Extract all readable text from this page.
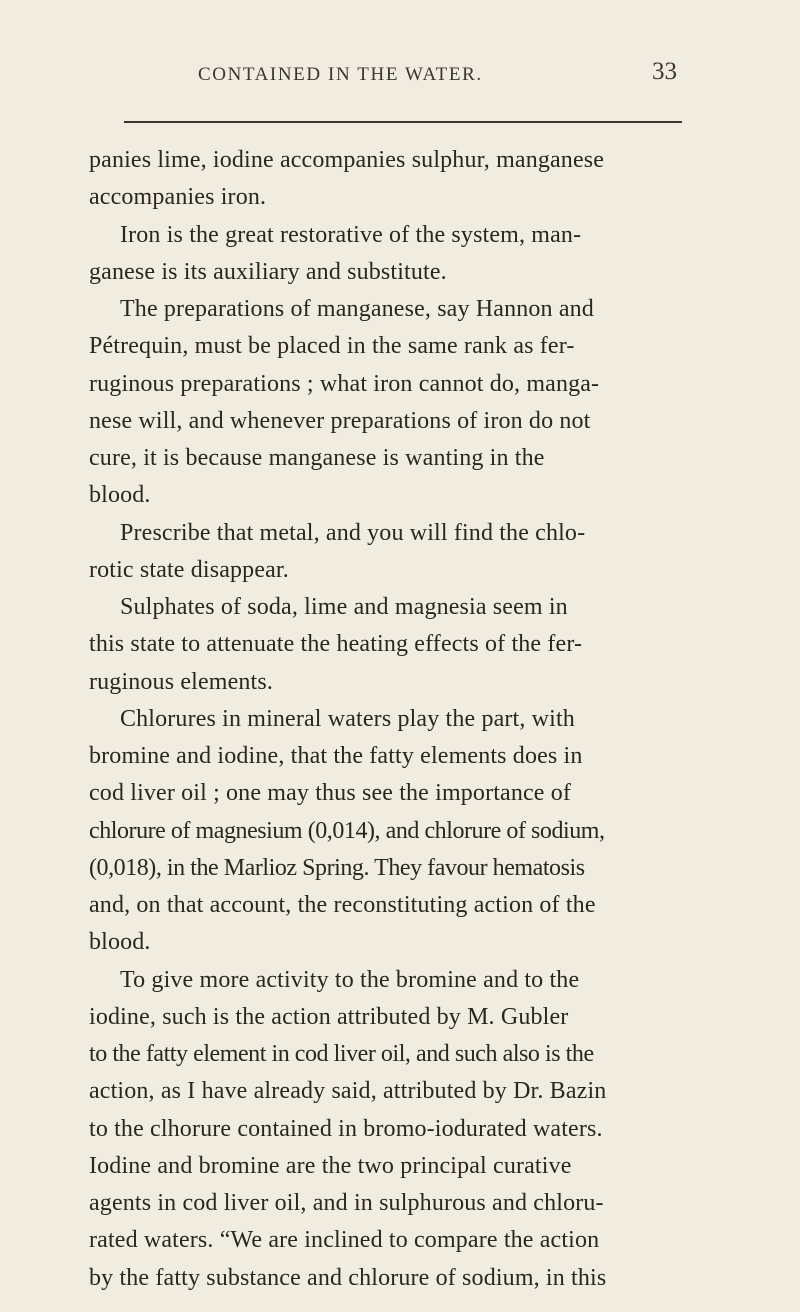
CONTAINED IN THE WATER.	33
panies lime, iodine accompanies sulphur, manganese
accompanies iron.
Iron is the great restorative of the system, man-
ganese is its auxiliary and substitute.
The preparations of manganese, say Hannon and
Pétrequin, must be placed in the same rank as fer-
ruginous preparations ; what iron cannot do, manga-
nese will, and whenever preparations of iron do not
cure, it is because manganese is wanting in the
blood.
Prescribe that metal, and you will find the chlo-
rotic state disappear.
Sulphates of soda, lime and magnesia seem in
this state to attenuate the heating effects of the fer-
ruginous elements.
Chlorures in mineral waters play the part, with
bromine and iodine, that the fatty elements does in
cod liver oil ; one may thus see the importance of
chlorure of magnesium (0,014), and chlorure of sodium,
(0,018), in the Marlioz Spring. They favour hematosis
and, on that account, the reconstituting action of the
blood.
To give more activity to the bromine and to the
iodine, such is the action attributed by M. Gubler
to the fatty element in cod liver oil, and such also is the
action, as I have already said, attributed by Dr. Bazin
to the clhorure contained in bromo-iodurated waters.
Iodine and bromine are the two principal curative
agents in cod liver oil, and in sulphurous and chloru-
rated waters. “We are inclined to compare the action
by the fatty substance and chlorure of sodium, in this
